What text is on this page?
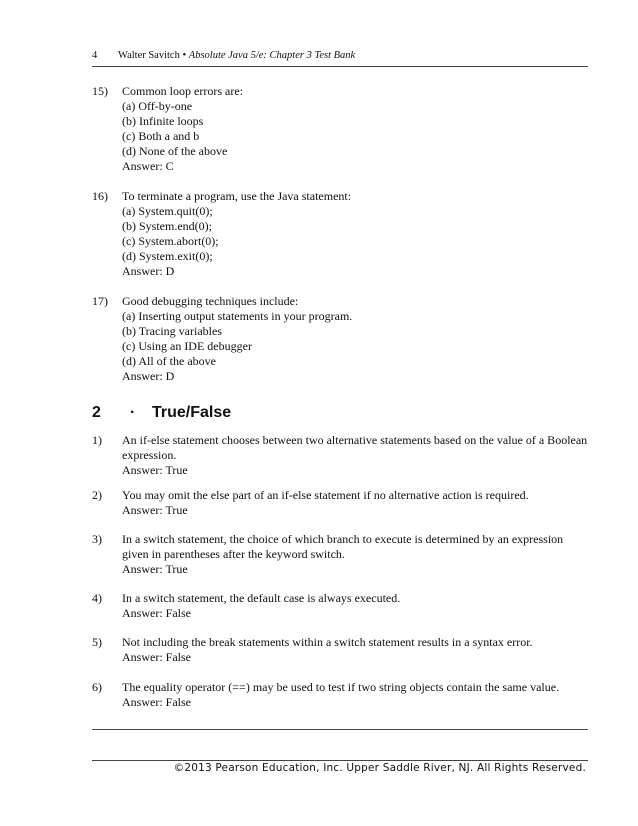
4 Walter Savitch • Absolute Java 5/e: Chapter 3 Test Bank
15) Common loop errors are:
(a) Off-by-one
(b) Infinite loops
(c) Both a and b
(d) None of the above
Answer: C
16) To terminate a program, use the Java statement:
(a) System.quit(0);
(b) System.end(0);
(c) System.abort(0);
(d) System.exit(0);
Answer: D
17) Good debugging techniques include:
(a) Inserting output statements in your program.
(b) Tracing variables
(c) Using an IDE debugger
(d) All of the above
Answer: D
2 · True/False
1) An if-else statement chooses between two alternative statements based on the value of a Boolean expression.
Answer: True
2) You may omit the else part of an if-else statement if no alternative action is required.
Answer: True
3) In a switch statement, the choice of which branch to execute is determined by an expression given in parentheses after the keyword switch.
Answer: True
4) In a switch statement, the default case is always executed.
Answer: False
5) Not including the break statements within a switch statement results in a syntax error.
Answer: False
6) The equality operator (==) may be used to test if two string objects contain the same value.
Answer: False
©2013 Pearson Education, Inc. Upper Saddle River, NJ. All Rights Reserved.
